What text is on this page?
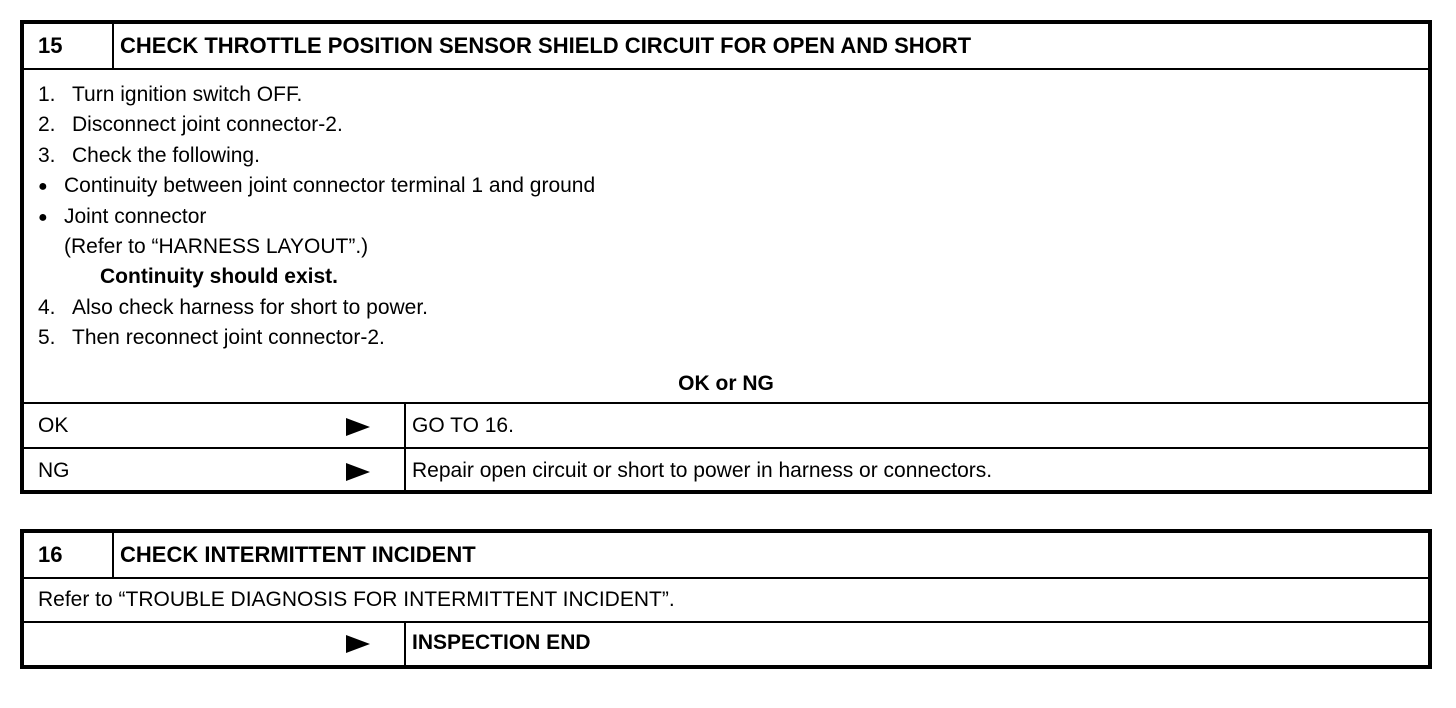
15	CHECK THROTTLE POSITION SENSOR SHIELD CIRCUIT FOR OPEN AND SHORT
1. Turn ignition switch OFF.
2. Disconnect joint connector-2.
3. Check the following.
● Continuity between joint connector terminal 1 and ground
● Joint connector
(Refer to “HARNESS LAYOUT”.)
Continuity should exist.
4. Also check harness for short to power.
5. Then reconnect joint connector-2.
OK or NG
OK	GO TO 16.
NG	Repair open circuit or short to power in harness or connectors.
16	CHECK INTERMITTENT INCIDENT
Refer to “TROUBLE DIAGNOSIS FOR INTERMITTENT INCIDENT”.
INSPECTION END
